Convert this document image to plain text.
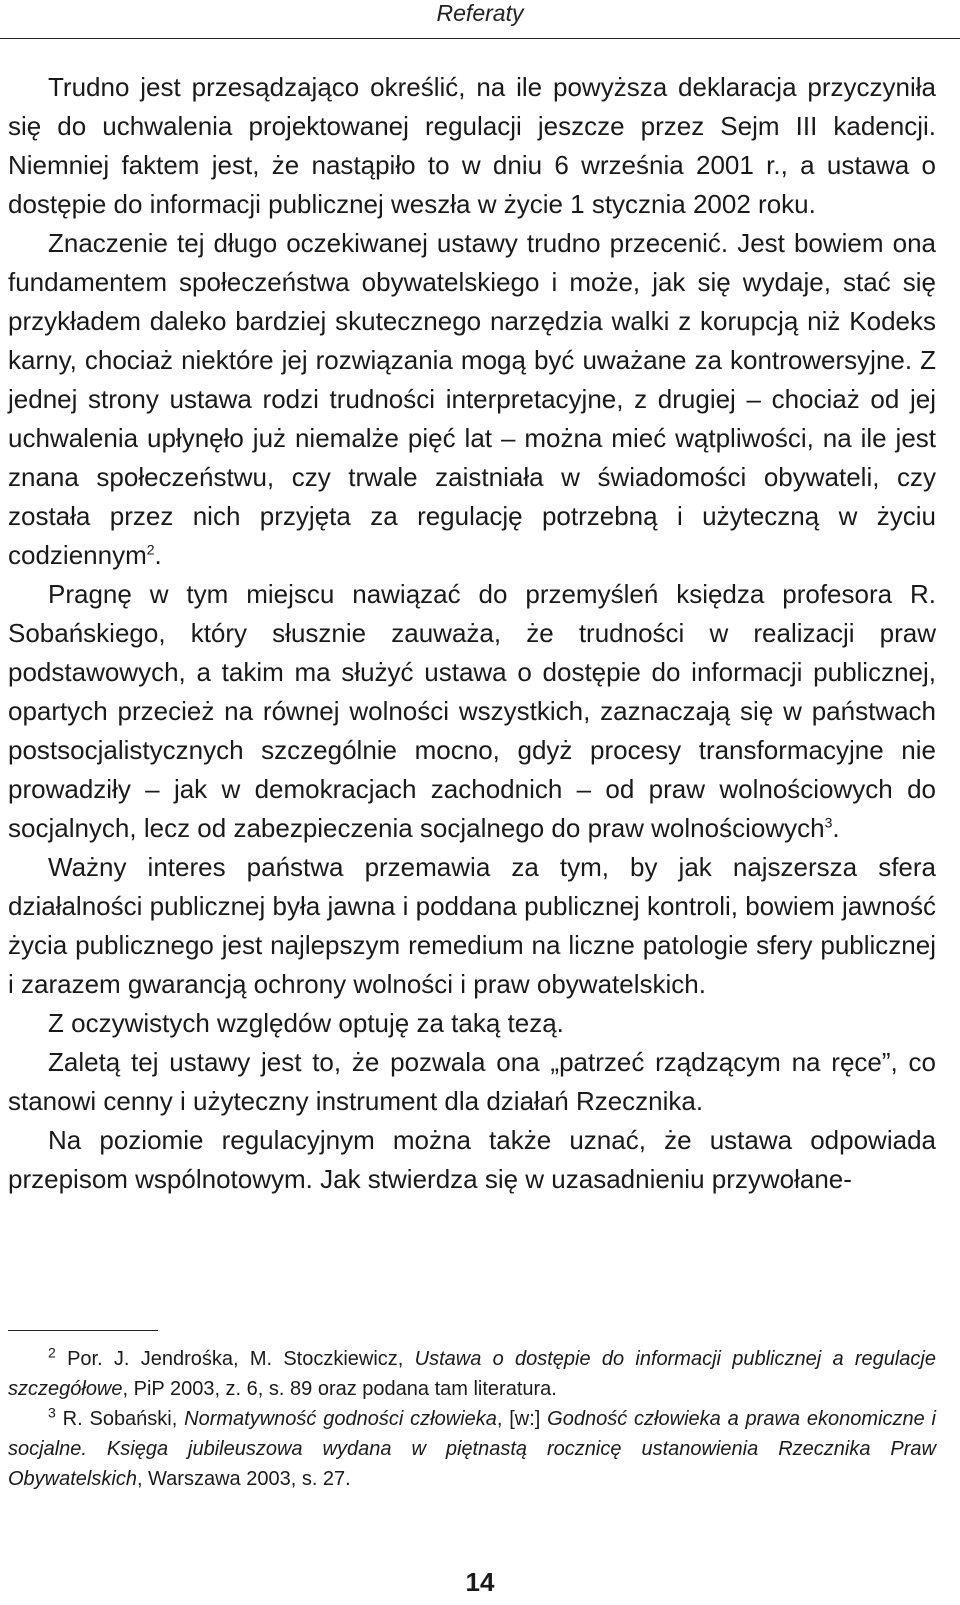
Referaty

Trudno jest przesądzająco określić, na ile powyższa deklaracja przyczyniła się do uchwalenia projektowanej regulacji jeszcze przez Sejm III kadencji. Niemniej faktem jest, że nastąpiło to w dniu 6 września 2001 r., a ustawa o dostępie do informacji publicznej weszła w życie 1 stycznia 2002 roku.

Znaczenie tej długo oczekiwanej ustawy trudno przecenić. Jest bowiem ona fundamentem społeczeństwa obywatelskiego i może, jak się wydaje, stać się przykładem daleko bardziej skutecznego narzędzia walki z korupcją niż Kodeks karny, chociaż niektóre jej rozwiązania mogą być uważane za kontrowersyjne. Z jednej strony ustawa rodzi trudności interpretacyjne, z drugiej – chociaż od jej uchwalenia upłynęło już niemalże pięć lat – można mieć wątpliwości, na ile jest znana społeczeństwu, czy trwale zaistniała w świadomości obywateli, czy została przez nich przyjęta za regulację potrzebną i użyteczną w życiu codziennym$^2$.

Pragnę w tym miejscu nawiązać do przemyśleń księdza profesora R. Sobańskiego, który słusznie zauważa, że trudności w realizacji praw podstawowych, a takim ma służyć ustawa o dostępie do informacji publicznej, opartych przecież na równej wolności wszystkich, zaznaczają się w państwach postsocjalistycznych szczególnie mocno, gdyż procesy transformacyjne nie prowadziły – jak w demokracjach zachodnich – od praw wolnościowych do socjalnych, lecz od zabezpieczenia socjalnego do praw wolnościowych$^3$.

Ważny interes państwa przemawia za tym, by jak najszersza sfera działalności publicznej była jawna i poddana publicznej kontroli, bowiem jawność życia publicznego jest najlepszym remedium na liczne patologie sfery publicznej i zarazem gwarancją ochrony wolności i praw obywatelskich.

Z oczywistych względów optuję za taką tezą.

Zaletą tej ustawy jest to, że pozwala ona „patrzeć rządzącym na ręce”, co stanowi cenny i użyteczny instrument dla działań Rzecznika.

Na poziomie regulacyjnym można także uznać, że ustawa odpowiada przepisom wspólnotowym. Jak stwierdza się w uzasadnieniu przywołane-

$^2$ Por. J. Jendrośka, M. Stoczkiewicz, Ustawa o dostępie do informacji publicznej a regulacje szczegółowe, PiP 2003, z. 6, s. 89 oraz podana tam literatura.

$^3$ R. Sobański, Normatywność godności człowieka, [w:] Godność człowieka a prawa ekonomiczne i socjalne. Księga jubileuszowa wydana w piętnastą rocznicę ustanowienia Rzecznika Praw Obywatelskich, Warszawa 2003, s. 27.

14
